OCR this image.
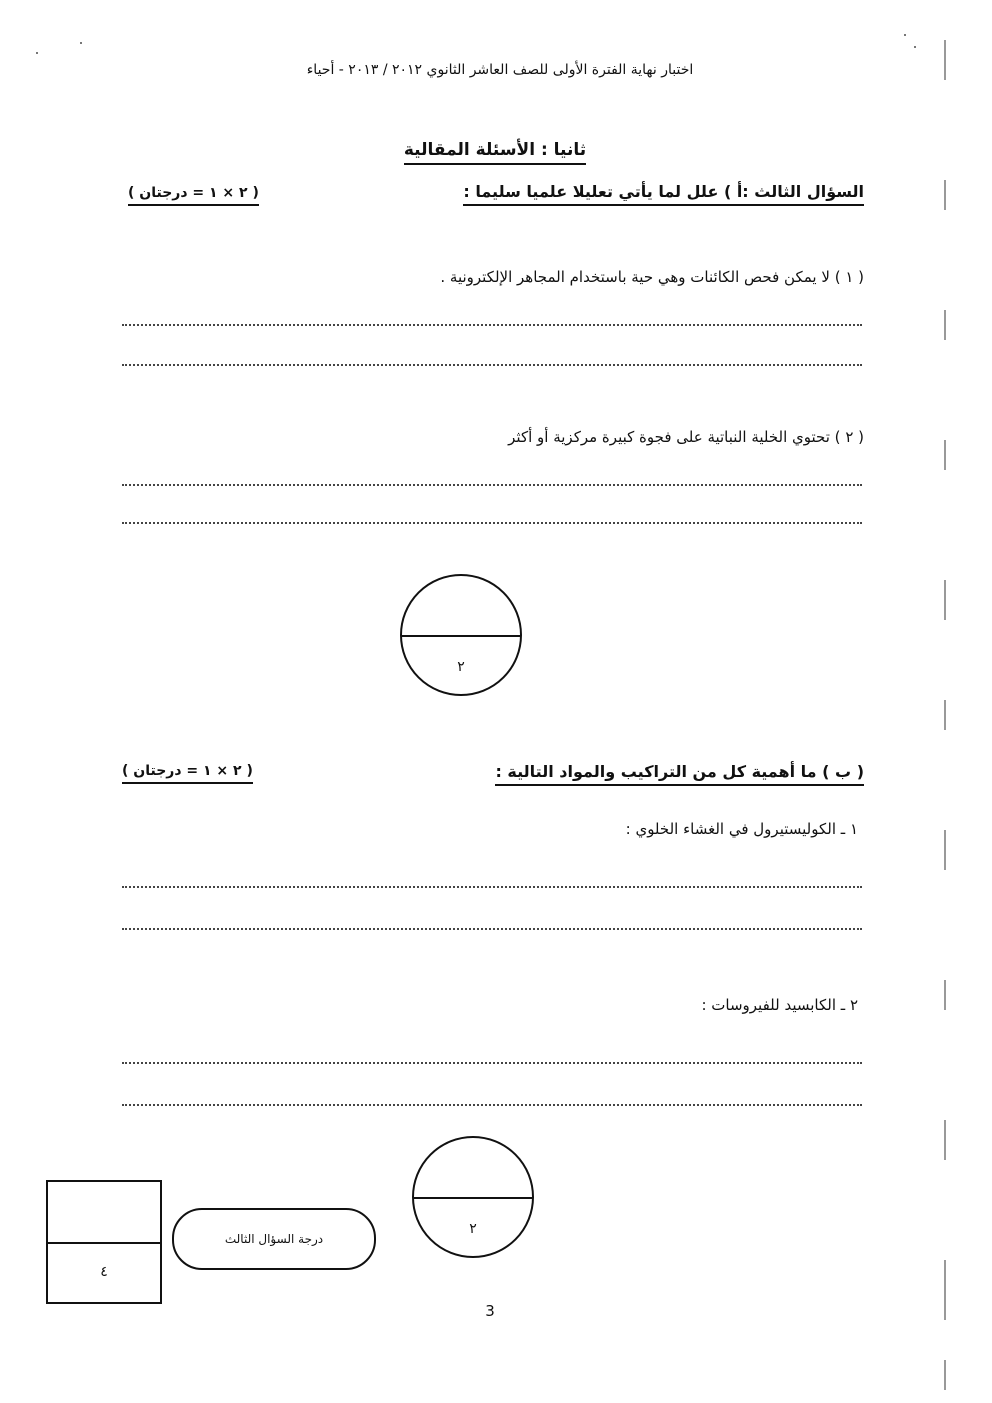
اختبار نهاية الفترة الأولى للصف العاشر الثانوي ٢٠١٢ / ٢٠١٣ - أحياء
ثانيا : الأسئلة المقالية
السؤال الثالث :أ ) علل لما يأتي تعليلا علميا سليما :
( ٢ × ١ = درجتان )
( ١ ) لا يمكن فحص الكائنات وهي حية باستخدام المجاهر الإلكترونية .
( ٢ ) تحتوي الخلية النباتية على فجوة كبيرة مركزية أو أكثر
٢
( ب ) ما أهمية كل من التراكيب والمواد التالية :
( ٢ × ١ = درجتان )
١ ـ الكوليستيرول في الغشاء الخلوي :
٢ ـ الكابسيد للفيروسات :
٢
٤
درجة السؤال الثالث
3
